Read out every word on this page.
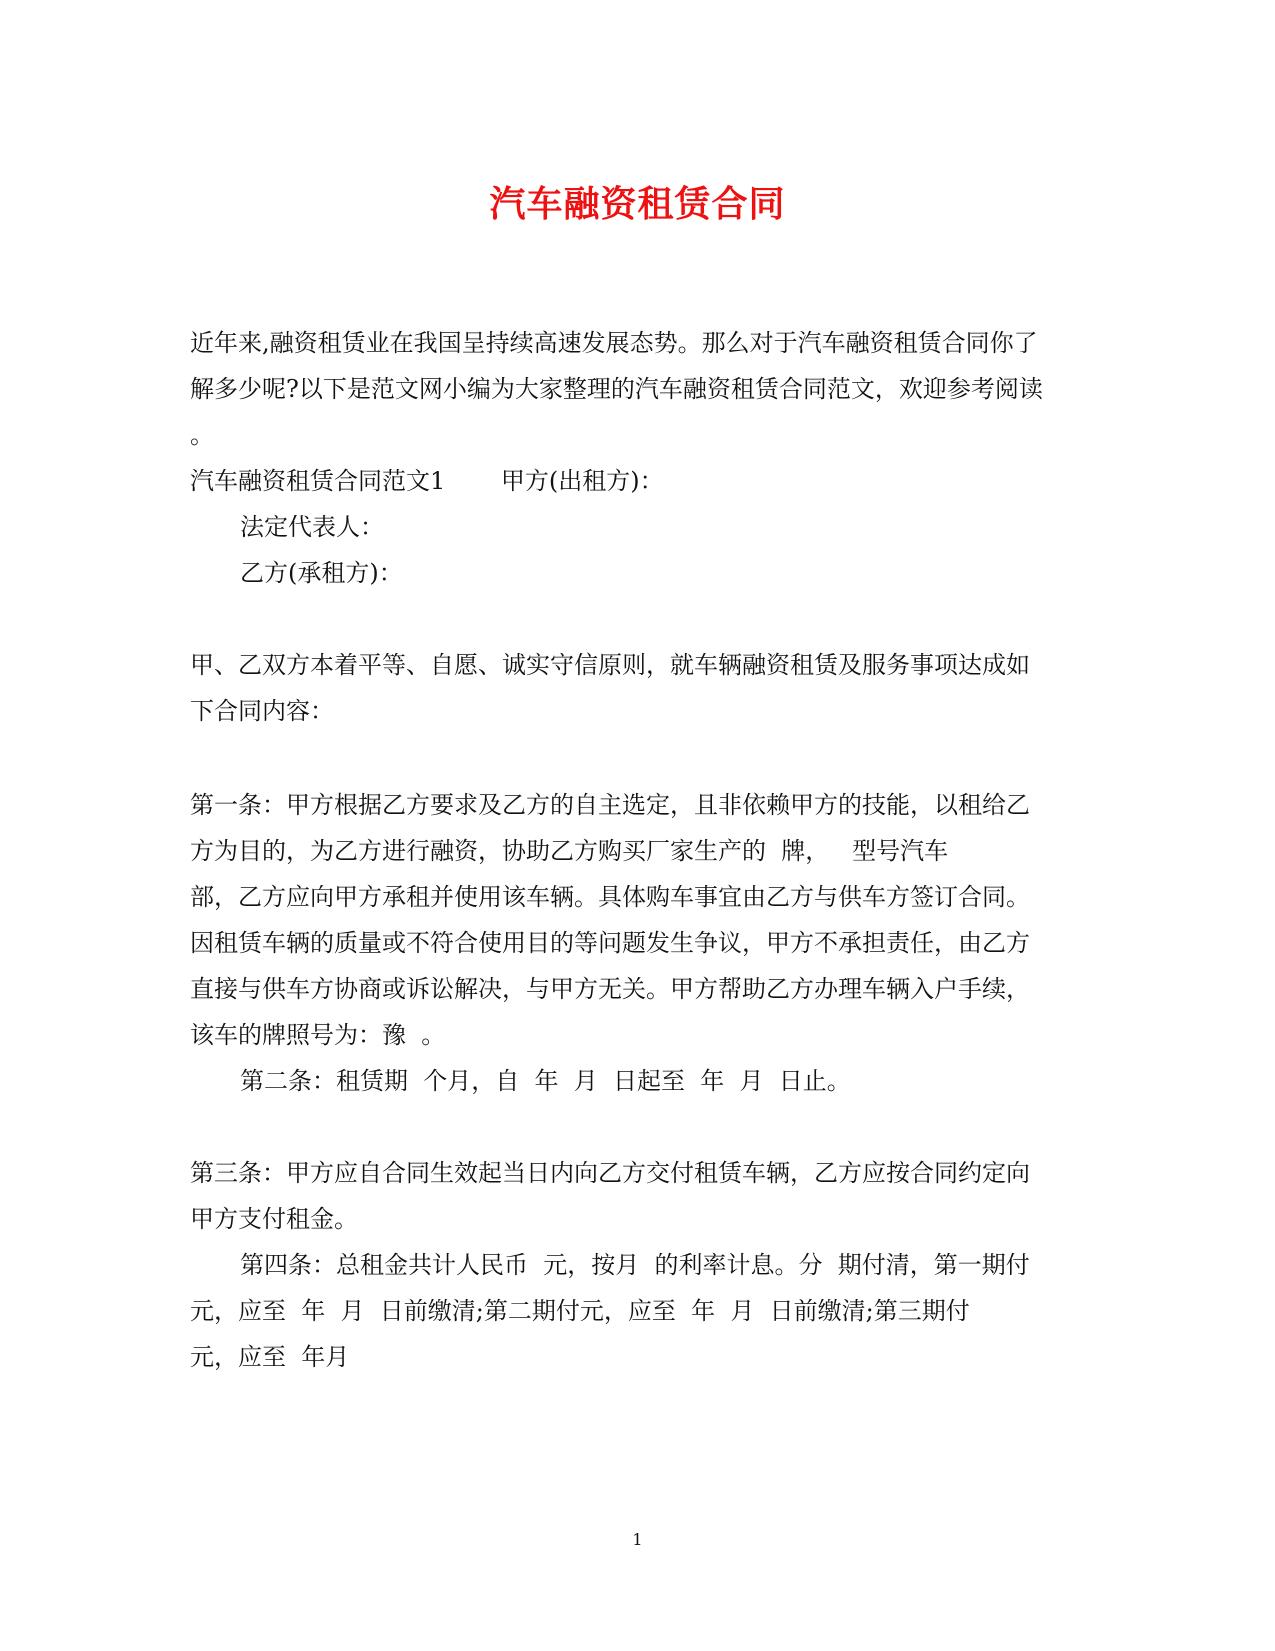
汽车融资租赁合同

近年来,融资租赁业在我国呈持续高速发展态势。那么对于汽车融资租赁合同你了

解多少呢?以下是范文网小编为大家整理的汽车融资租赁合同范文，欢迎参考阅读

。

汽车融资租赁合同范文1　　 甲方(出租方)：

法定代表人：

乙方(承租方)：

甲、乙双方本着平等、自愿、诚实守信原则，就车辆融资租赁及服务事项达成如

下合同内容：

第一条：甲方根据乙方要求及乙方的自主选定，且非依赖甲方的技能，以租给乙

方为目的，为乙方进行融资，协助乙方购买厂家生产的  牌，   型号汽车

部，乙方应向甲方承租并使用该车辆。具体购车事宜由乙方与供车方签订合同。

因租赁车辆的质量或不符合使用目的等问题发生争议，甲方不承担责任，由乙方

直接与供车方协商或诉讼解决，与甲方无关。甲方帮助乙方办理车辆入户手续，

该车的牌照号为：豫  。

第二条：租赁期  个月，自  年  月  日起至  年  月  日止。

第三条：甲方应自合同生效起当日内向乙方交付租赁车辆，乙方应按合同约定向

甲方支付租金。

第四条：总租金共计人民币  元，按月  的利率计息。分  期付清，第一期付

元，应至  年  月  日前缴清;第二期付元，应至  年  月  日前缴清;第三期付

元，应至  年月

1
